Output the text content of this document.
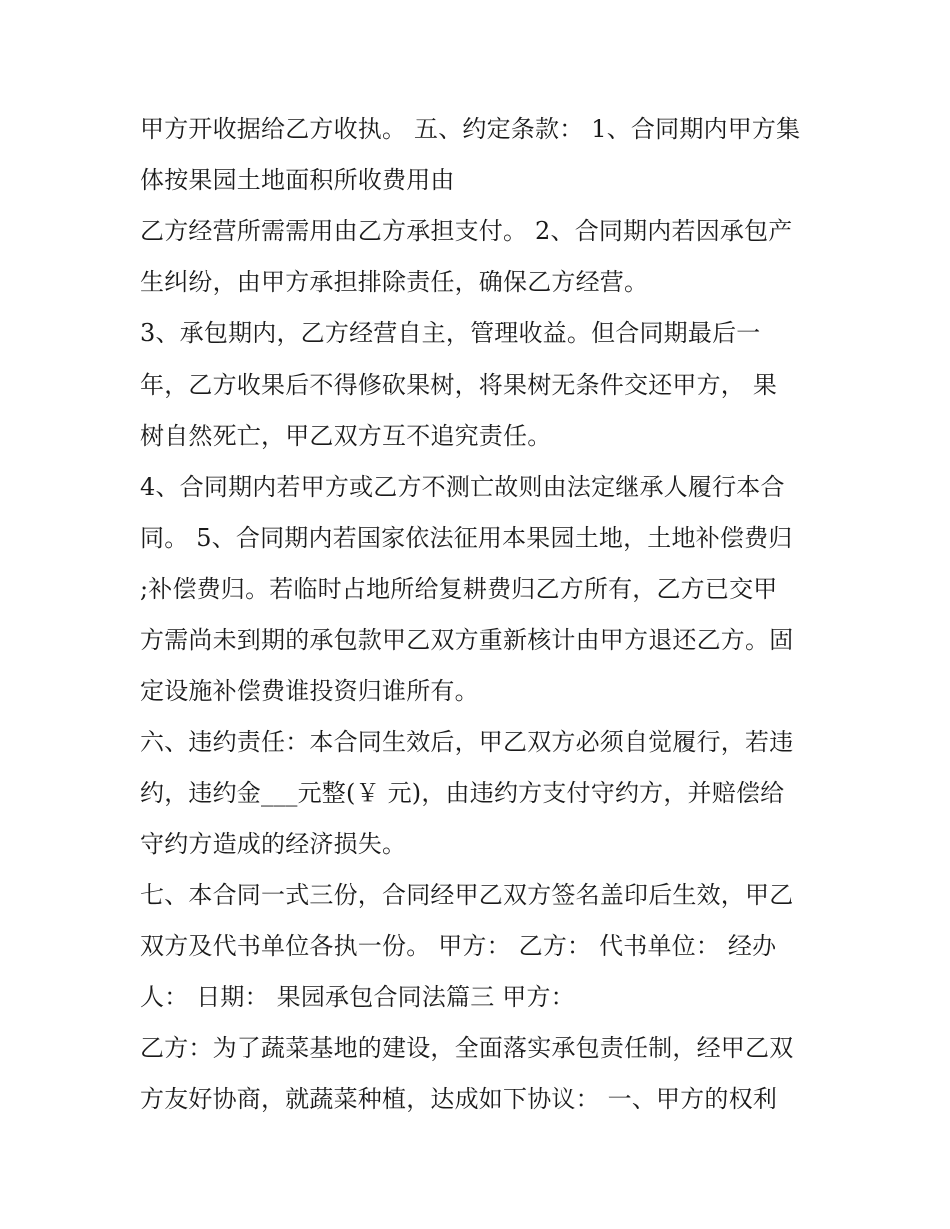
甲方开收据给乙方收执。 五、约定条款： 1、合同期内甲方集
体按果园土地面积所收费用由
乙方经营所需需用由乙方承担支付。 2、合同期内若因承包产
生纠纷，由甲方承担排除责任，确保乙方经营。
3、承包期内，乙方经营自主，管理收益。但合同期最后一
年，乙方收果后不得修砍果树，将果树无条件交还甲方， 果
树自然死亡，甲乙双方互不追究责任。
4、合同期内若甲方或乙方不测亡故则由法定继承人履行本合
同。 5、合同期内若国家依法征用本果园土地，土地补偿费归
;补偿费归。若临时占地所给复耕费归乙方所有，乙方已交甲
方需尚未到期的承包款甲乙双方重新核计由甲方退还乙方。固
定设施补偿费谁投资归谁所有。
六、违约责任：本合同生效后，甲乙双方必须自觉履行，若违
约，违约金___元整(￥ 元)，由违约方支付守约方，并赔偿给
守约方造成的经济损失。
七、本合同一式三份，合同经甲乙双方签名盖印后生效，甲乙
双方及代书单位各执一份。 甲方： 乙方： 代书单位： 经办
人： 日期： 果园承包合同法篇三 甲方：
乙方：为了蔬菜基地的建设，全面落实承包责任制，经甲乙双
方友好协商，就蔬菜种植，达成如下协议： 一、甲方的权利
